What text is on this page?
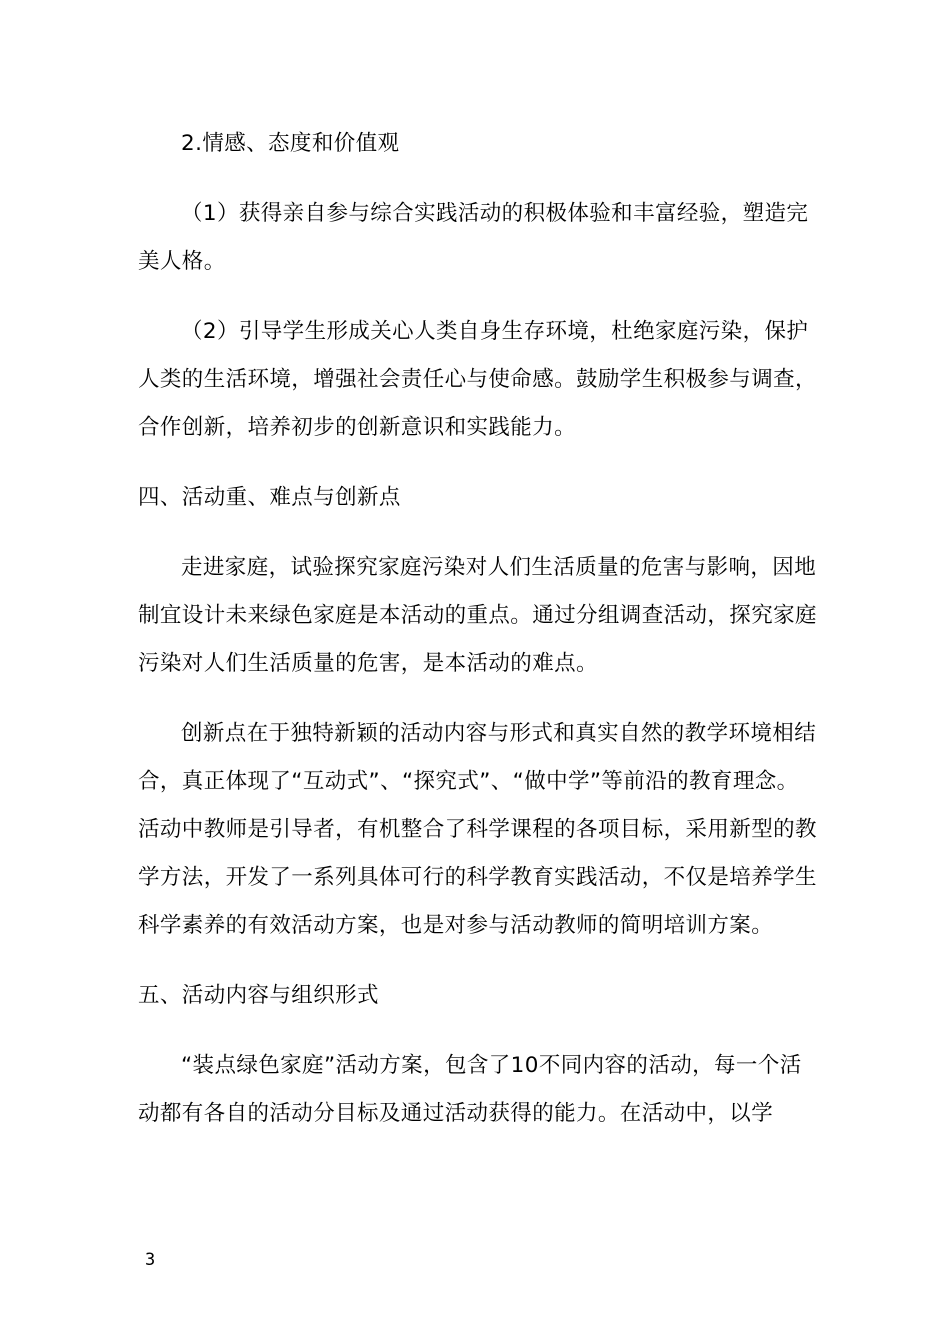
2.情感、态度和价值观

（1）获得亲自参与综合实践活动的积极体验和丰富经验，塑造完美人格。

（2）引导学生形成关心人类自身生存环境，杜绝家庭污染，保护人类的生活环境，增强社会责任心与使命感。鼓励学生积极参与调查，合作创新，培养初步的创新意识和实践能力。

四、活动重、难点与创新点

走进家庭，试验探究家庭污染对人们生活质量的危害与影响，因地制宜设计未来绿色家庭是本活动的重点。通过分组调查活动，探究家庭污染对人们生活质量的危害，是本活动的难点。

创新点在于独特新颖的活动内容与形式和真实自然的教学环境相结合，真正体现了“互动式”、“探究式”、“做中学”等前沿的教育理念。活动中教师是引导者，有机整合了科学课程的各项目标，采用新型的教学方法，开发了一系列具体可行的科学教育实践活动，不仅是培养学生科学素养的有效活动方案，也是对参与活动教师的简明培训方案。

五、活动内容与组织形式

“装点绿色家庭”活动方案，包含了10不同内容的活动，每一个活动都有各自的活动分目标及通过活动获得的能力。在活动中，以学

3
